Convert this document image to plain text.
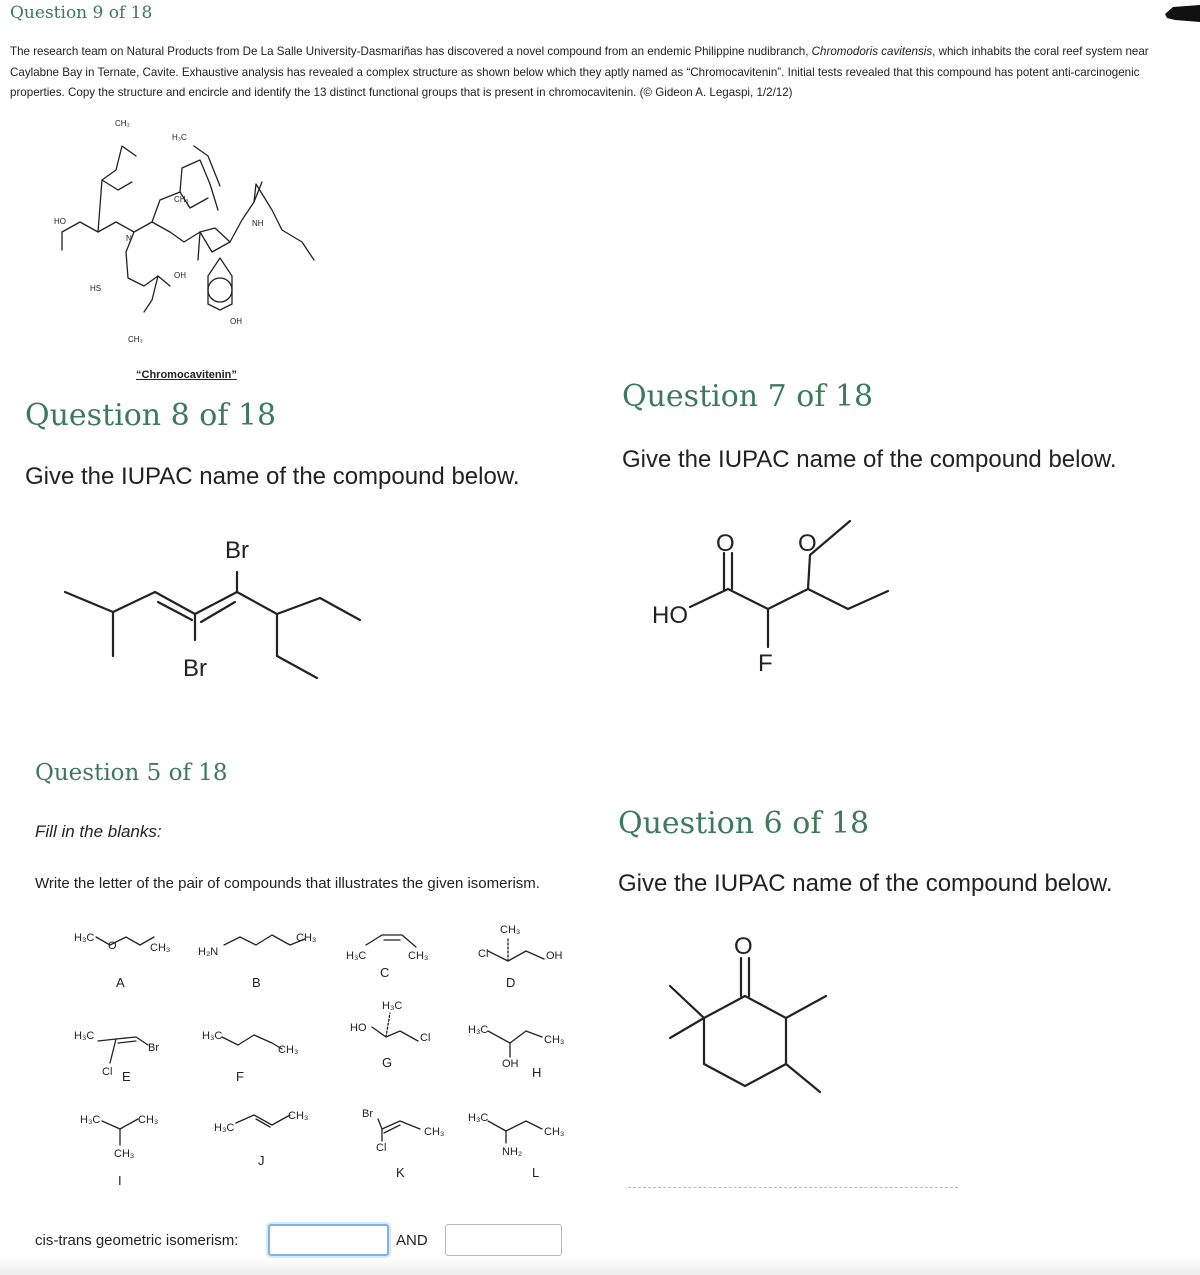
Question 9 of 18

The research team on Natural Products from De La Salle University-Dasmariñas has discovered a novel compound from an endemic Philippine nudibranch, Chromodoris cavitensis, which inhabits the coral reef system near
Caylabne Bay in Ternate, Cavite. Exhaustive analysis has revealed a complex structure as shown below which they aptly named as “Chromocavitenin”. Initial tests revealed that this compound has potent anti-carcinogenic
properties. Copy the structure and encircle and identify the 13 distinct functional groups that is present in chromocavitenin. (© Gideon A. Legaspi, 1/2/12)

CH₃
H₃C
CH₃
HO
N
NH
OH
OH
HS
CH₃
“Chromocavitenin”
Question 8 of 18

Give the IUPAC name of the compound below.

Br
Br
Question 7 of 18

Give the IUPAC name of the compound below.

HO
O	O
F
Question 5 of 18

Fill in the blanks:

Write the letter of the pair of compounds that illustrates the given isomerism.

H₃C
O	CH₃
A
H₂N
CH₃
B
H₃C	CH₃
C
CH₃
Cl	OH
D
H₃C
Br
Cl E
H₃C
CH₃
F
H₃C
HO
Cl
G
H₃C
CH₃
OH
H
H₃C	CH₃
CH₃
I
H₃C
CH₃
J
Br
Cl
CH₃
K
H₃C
CH₃
NH₂
L
cis-trans geometric isomerism:	AND
Question 6 of 18

Give the IUPAC name of the compound below.

O
